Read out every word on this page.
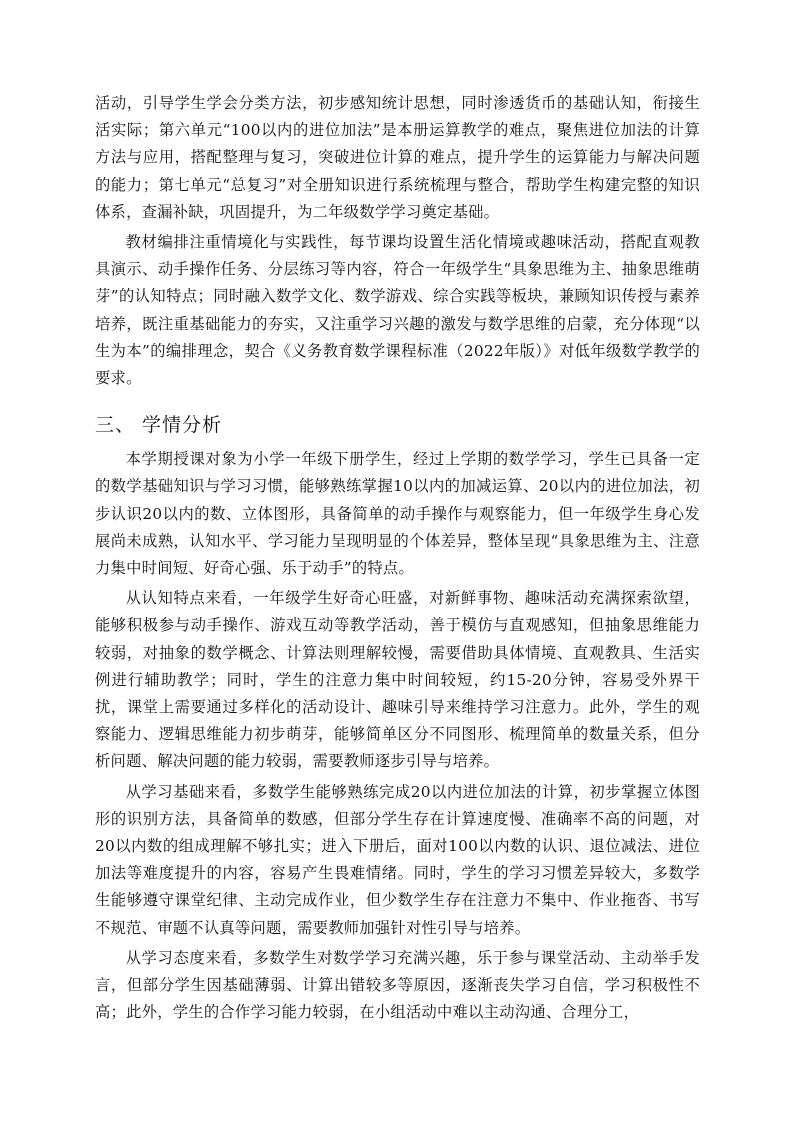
活动，引导学生学会分类方法，初步感知统计思想，同时渗透货币的基础认知，衔接生活实际；第六单元“100以内的进位加法”是本册运算教学的难点，聚焦进位加法的计算方法与应用，搭配整理与复习，突破进位计算的难点，提升学生的运算能力与解决问题的能力；第七单元“总复习”对全册知识进行系统梳理与整合，帮助学生构建完整的知识体系，查漏补缺，巩固提升，为二年级数学学习奠定基础。

教材编排注重情境化与实践性，每节课均设置生活化情境或趣味活动，搭配直观教具演示、动手操作任务、分层练习等内容，符合一年级学生“具象思维为主、抽象思维萌芽”的认知特点；同时融入数学文化、数学游戏、综合实践等板块，兼顾知识传授与素养培养，既注重基础能力的夯实，又注重学习兴趣的激发与数学思维的启蒙，充分体现“以生为本”的编排理念，契合《义务教育数学课程标准（2022年版）》对低年级数学教学的要求。

三、 学情分析

本学期授课对象为小学一年级下册学生，经过上学期的数学学习，学生已具备一定的数学基础知识与学习习惯，能够熟练掌握10以内的加减运算、20以内的进位加法，初步认识20以内的数、立体图形，具备简单的动手操作与观察能力，但一年级学生身心发展尚未成熟，认知水平、学习能力呈现明显的个体差异，整体呈现“具象思维为主、注意力集中时间短、好奇心强、乐于动手”的特点。

从认知特点来看，一年级学生好奇心旺盛，对新鲜事物、趣味活动充满探索欲望，能够积极参与动手操作、游戏互动等教学活动，善于模仿与直观感知，但抽象思维能力较弱，对抽象的数学概念、计算法则理解较慢，需要借助具体情境、直观教具、生活实例进行辅助教学；同时，学生的注意力集中时间较短，约15-20分钟，容易受外界干扰，课堂上需要通过多样化的活动设计、趣味引导来维持学习注意力。此外，学生的观察能力、逻辑思维能力初步萌芽，能够简单区分不同图形、梳理简单的数量关系，但分析问题、解决问题的能力较弱，需要教师逐步引导与培养。

从学习基础来看，多数学生能够熟练完成20以内进位加法的计算，初步掌握立体图形的识别方法，具备简单的数感，但部分学生存在计算速度慢、准确率不高的问题，对20以内数的组成理解不够扎实；进入下册后，面对100以内数的认识、退位减法、进位加法等难度提升的内容，容易产生畏难情绪。同时，学生的学习习惯差异较大，多数学生能够遵守课堂纪律、主动完成作业，但少数学生存在注意力不集中、作业拖沓、书写不规范、审题不认真等问题，需要教师加强针对性引导与培养。

从学习态度来看，多数学生对数学学习充满兴趣，乐于参与课堂活动、主动举手发言，但部分学生因基础薄弱、计算出错较多等原因，逐渐丧失学习自信，学习积极性不高；此外，学生的合作学习能力较弱，在小组活动中难以主动沟通、合理分工，
